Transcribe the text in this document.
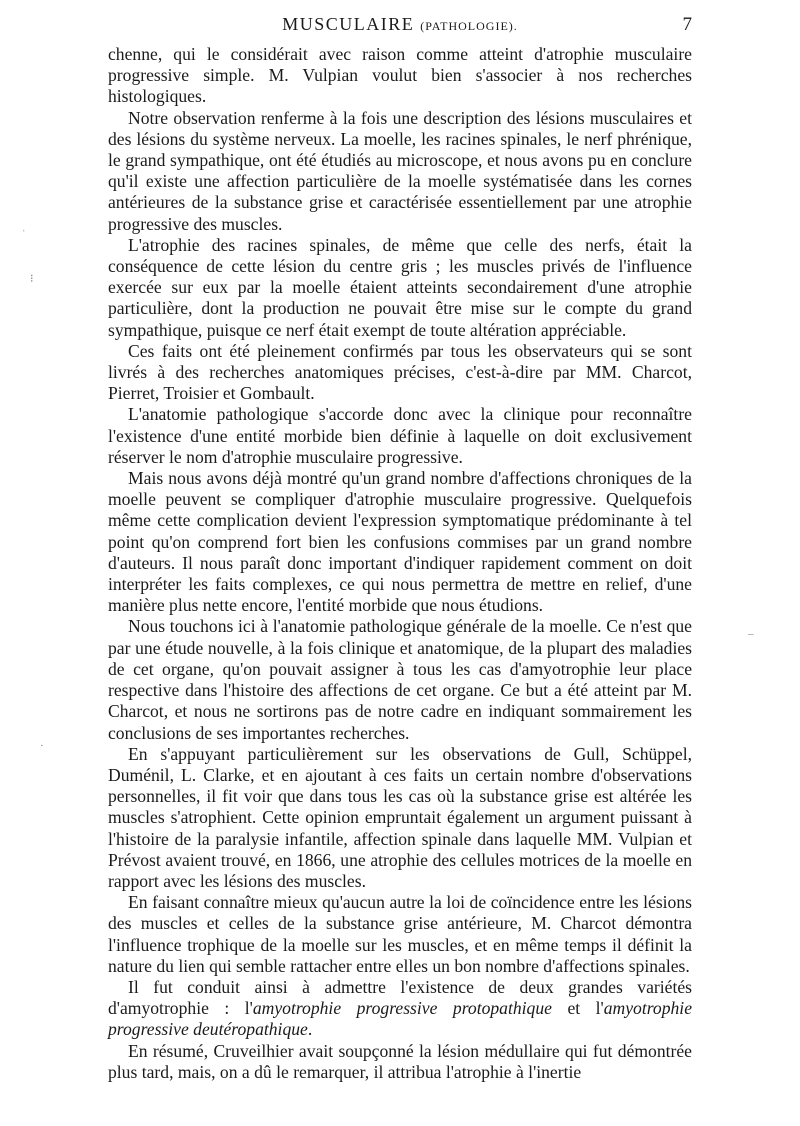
MUSCULAIRE (PATHOLOGIE).	7

chenne, qui le considérait avec raison comme atteint d'atrophie musculaire progressive simple. M. Vulpian voulut bien s'associer à nos recherches histologiques.

Notre observation renferme à la fois une description des lésions musculaires et des lésions du système nerveux. La moelle, les racines spinales, le nerf phrénique, le grand sympathique, ont été étudiés au microscope, et nous avons pu en conclure qu'il existe une affection particulière de la moelle systématisée dans les cornes antérieures de la substance grise et caractérisée essentiellement par une atrophie progressive des muscles.

L'atrophie des racines spinales, de même que celle des nerfs, était la conséquence de cette lésion du centre gris ; les muscles privés de l'influence exercée sur eux par la moelle étaient atteints secondairement d'une atrophie particulière, dont la production ne pouvait être mise sur le compte du grand sympathique, puisque ce nerf était exempt de toute altération appréciable.

Ces faits ont été pleinement confirmés par tous les observateurs qui se sont livrés à des recherches anatomiques précises, c'est-à-dire par MM. Charcot, Pierret, Troisier et Gombault.

L'anatomie pathologique s'accorde donc avec la clinique pour reconnaître l'existence d'une entité morbide bien définie à laquelle on doit exclusivement réserver le nom d'atrophie musculaire progressive.

Mais nous avons déjà montré qu'un grand nombre d'affections chroniques de la moelle peuvent se compliquer d'atrophie musculaire progressive. Quelquefois même cette complication devient l'expression symptomatique prédominante à tel point qu'on comprend fort bien les confusions commises par un grand nombre d'auteurs. Il nous paraît donc important d'indiquer rapidement comment on doit interpréter les faits complexes, ce qui nous permettra de mettre en relief, d'une manière plus nette encore, l'entité morbide que nous étudions.

Nous touchons ici à l'anatomie pathologique générale de la moelle. Ce n'est que par une étude nouvelle, à la fois clinique et anatomique, de la plupart des maladies de cet organe, qu'on pouvait assigner à tous les cas d'amyotrophie leur place respective dans l'histoire des affections de cet organe. Ce but a été atteint par M. Charcot, et nous ne sortirons pas de notre cadre en indiquant sommairement les conclusions de ses importantes recherches.

En s'appuyant particulièrement sur les observations de Gull, Schüppel, Duménil, L. Clarke, et en ajoutant à ces faits un certain nombre d'observations personnelles, il fit voir que dans tous les cas où la substance grise est altérée les muscles s'atrophient. Cette opinion empruntait également un argument puissant à l'histoire de la paralysie infantile, affection spinale dans laquelle MM. Vulpian et Prévost avaient trouvé, en 1866, une atrophie des cellules motrices de la moelle en rapport avec les lésions des muscles.

En faisant connaître mieux qu'aucun autre la loi de coïncidence entre les lésions des muscles et celles de la substance grise antérieure, M. Charcot démontra l'influence trophique de la moelle sur les muscles, et en même temps il définit la nature du lien qui semble rattacher entre elles un bon nombre d'affections spinales.

Il fut conduit ainsi à admettre l'existence de deux grandes variétés d'amyotrophie : l'amyotrophie progressive protopathique et l'amyotrophie progressive deutéropathique.

En résumé, Cruveilhier avait soupçonné la lésion médullaire qui fut démontrée plus tard, mais, on a dû le remarquer, il attribua l'atrophie à l'inertie

ˈ
⁝
–
·
